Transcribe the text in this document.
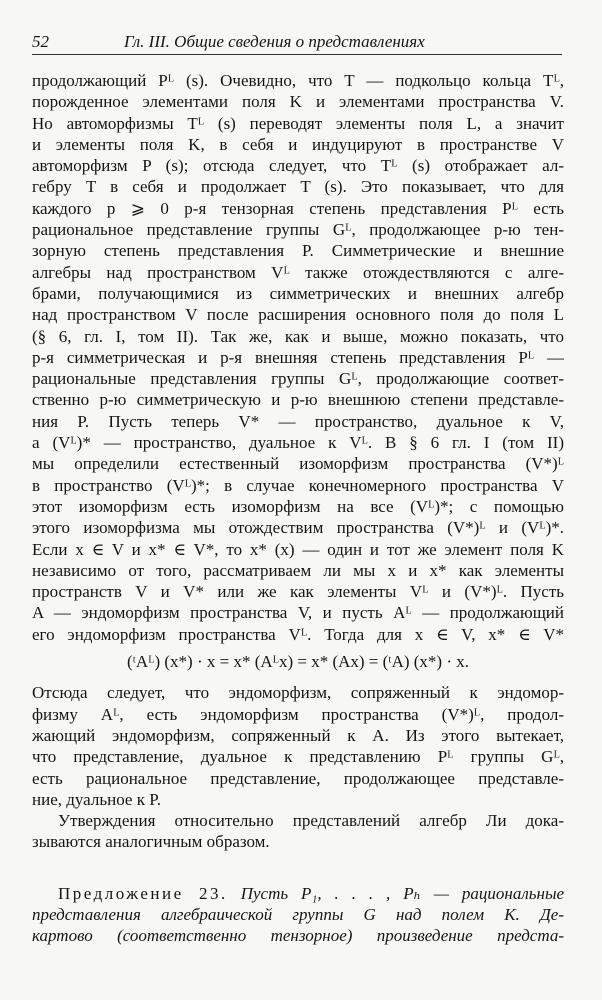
52	Гл. III. Общие сведения о представлениях
продолжающий Pᴸ (s). Очевидно, что T — подкольцо кольца Tᴸ,
порожденное элементами поля K и элементами пространства V.
Но автоморфизмы Tᴸ (s) переводят элементы поля L, а значит
и элементы поля K, в себя и индуцируют в пространстве V
автоморфизм P (s); отсюда следует, что Tᴸ (s) отображает ал-
гебру T в себя и продолжает T (s). Это показывает, что для
каждого p ⩾ 0 p-я тензорная степень представления Pᴸ есть
рациональное представление группы Gᴸ, продолжающее p-ю тен-
зорную степень представления P. Симметрические и внешние
алгебры над пространством Vᴸ также отождествляются с алге-
брами, получающимися из симметрических и внешних алгебр
над пространством V после расширения основного поля до поля L
(§ 6, гл. I, том II). Так же, как и выше, можно показать, что
p-я симметрическая и p-я внешняя степень представления Pᴸ —
рациональные представления группы Gᴸ, продолжающие соответ-
ственно p-ю симметрическую и p-ю внешнюю степени представле-
ния P. Пусть теперь V* — пространство, дуальное к V,
а (Vᴸ)* — пространство, дуальное к Vᴸ. В § 6 гл. I (том II)
мы определили естественный изоморфизм пространства (V*)ᴸ
в пространство (Vᴸ)*; в случае конечномерного пространства V
этот изоморфизм есть изоморфизм на все (Vᴸ)*; с помощью
этого изоморфизма мы отождествим пространства (V*)ᴸ и (Vᴸ)*.
Если x ∈ V и x* ∈ V*, то x* (x) — один и тот же элемент поля K
независимо от того, рассматриваем ли мы x и x* как элементы
пространств V и V* или же как элементы Vᴸ и (V*)ᴸ. Пусть
A — эндоморфизм пространства V, и пусть Aᴸ — продолжающий
его эндоморфизм пространства Vᴸ. Тогда для x ∈ V, x* ∈ V*
(ᵗAᴸ) (x*) · x = x* (Aᴸx) = x* (Ax) = (ᵗA) (x*) · x.
Отсюда следует, что эндоморфизм, сопряженный к эндомор-
физму Aᴸ, есть эндоморфизм пространства (V*)ᴸ, продол-
жающий эндоморфизм, сопряженный к A. Из этого вытекает,
что представление, дуальное к представлению Pᴸ группы Gᴸ,
есть рациональное представление, продолжающее представле-
ние, дуальное к P.
Утверждения относительно представлений алгебр Ли дока-
зываются аналогичным образом.
Предложение 23. Пусть P₁, . . . , Pₕ — рациональные
представления алгебраической группы G над полем K. Де-
картово (соответственно тензорное) произведение предста-
